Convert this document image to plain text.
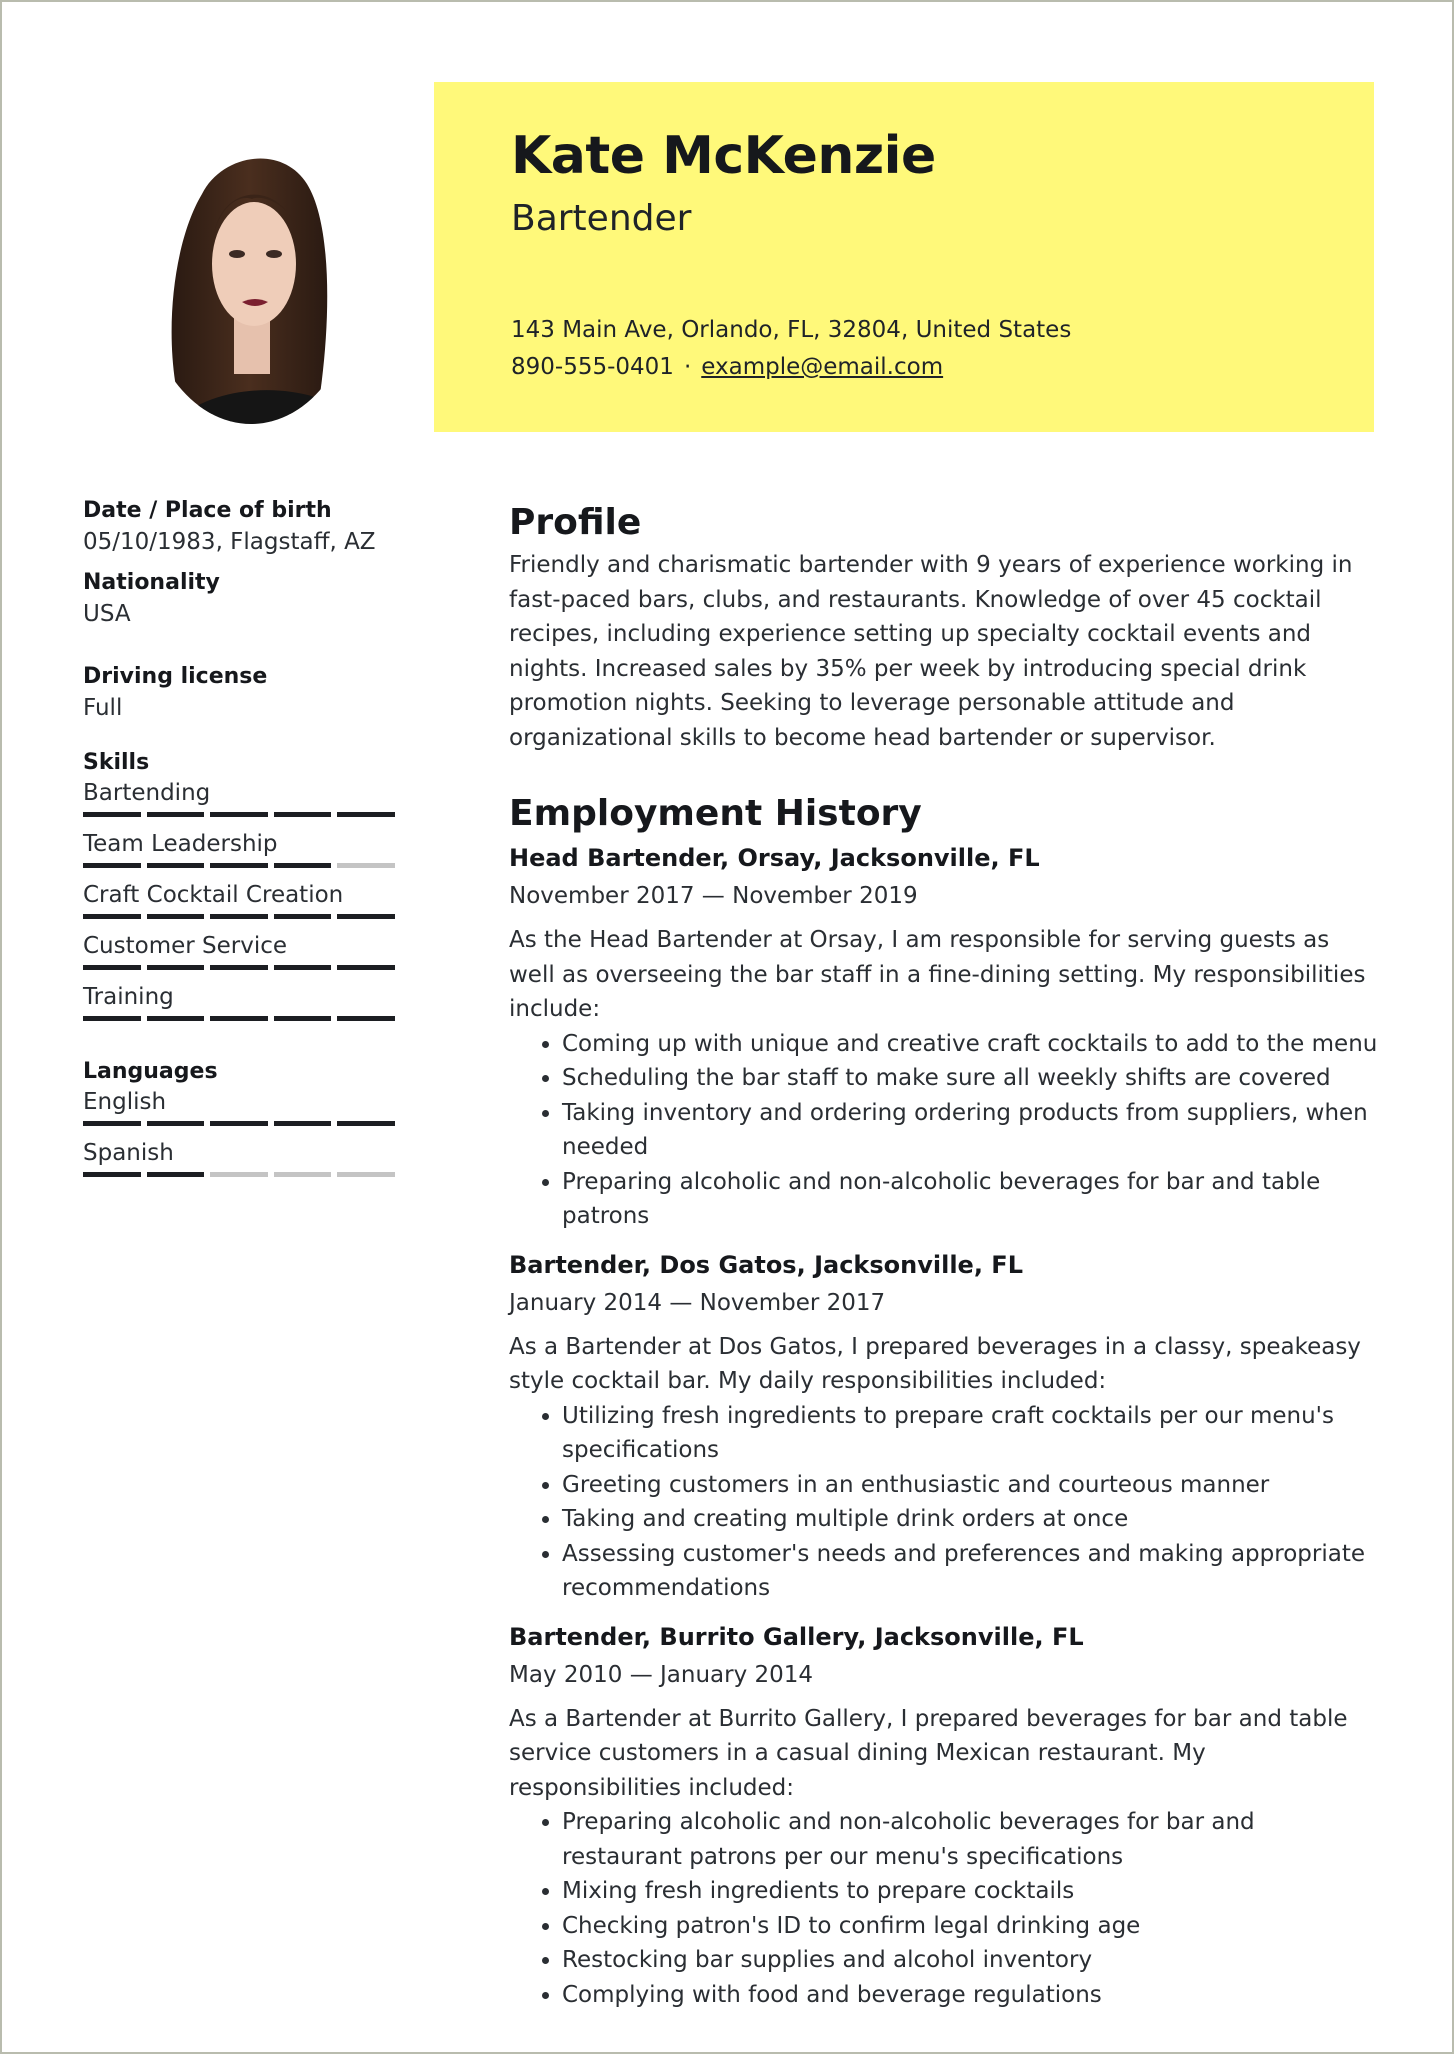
Kate McKenzie
Bartender
143 Main Ave, Orlando, FL, 32804, United States
890-555-0401 · example@email.com
Date / Place of birth
05/10/1983, Flagstaff, AZ
Nationality
USA
Driving license
Full
Skills
Bartending
Team Leadership
Craft Cocktail Creation
Customer Service
Training
Languages
English
Spanish
Profile
Friendly and charismatic bartender with 9 years of experience working in fast-paced bars, clubs, and restaurants. Knowledge of over 45 cocktail recipes, including experience setting up specialty cocktail events and nights. Increased sales by 35% per week by introducing special drink promotion nights. Seeking to leverage personable attitude and organizational skills to become head bartender or supervisor.
Employment History
Head Bartender, Orsay, Jacksonville, FL
November 2017 — November 2019
As the Head Bartender at Orsay, I am responsible for serving guests as well as overseeing the bar staff in a fine-dining setting. My responsibilities include:
• Coming up with unique and creative craft cocktails to add to the menu
• Scheduling the bar staff to make sure all weekly shifts are covered
• Taking inventory and ordering ordering products from suppliers, when needed
• Preparing alcoholic and non-alcoholic beverages for bar and table patrons
Bartender, Dos Gatos, Jacksonville, FL
January 2014 — November 2017
As a Bartender at Dos Gatos, I prepared beverages in a classy, speakeasy style cocktail bar. My daily responsibilities included:
• Utilizing fresh ingredients to prepare craft cocktails per our menu's specifications
• Greeting customers in an enthusiastic and courteous manner
• Taking and creating multiple drink orders at once
• Assessing customer's needs and preferences and making appropriate recommendations
Bartender, Burrito Gallery, Jacksonville, FL
May 2010 — January 2014
As a Bartender at Burrito Gallery, I prepared beverages for bar and table service customers in a casual dining Mexican restaurant. My responsibilities included:
• Preparing alcoholic and non-alcoholic beverages for bar and restaurant patrons per our menu's specifications
• Mixing fresh ingredients to prepare cocktails
• Checking patron's ID to confirm legal drinking age
• Restocking bar supplies and alcohol inventory
• Complying with food and beverage regulations
